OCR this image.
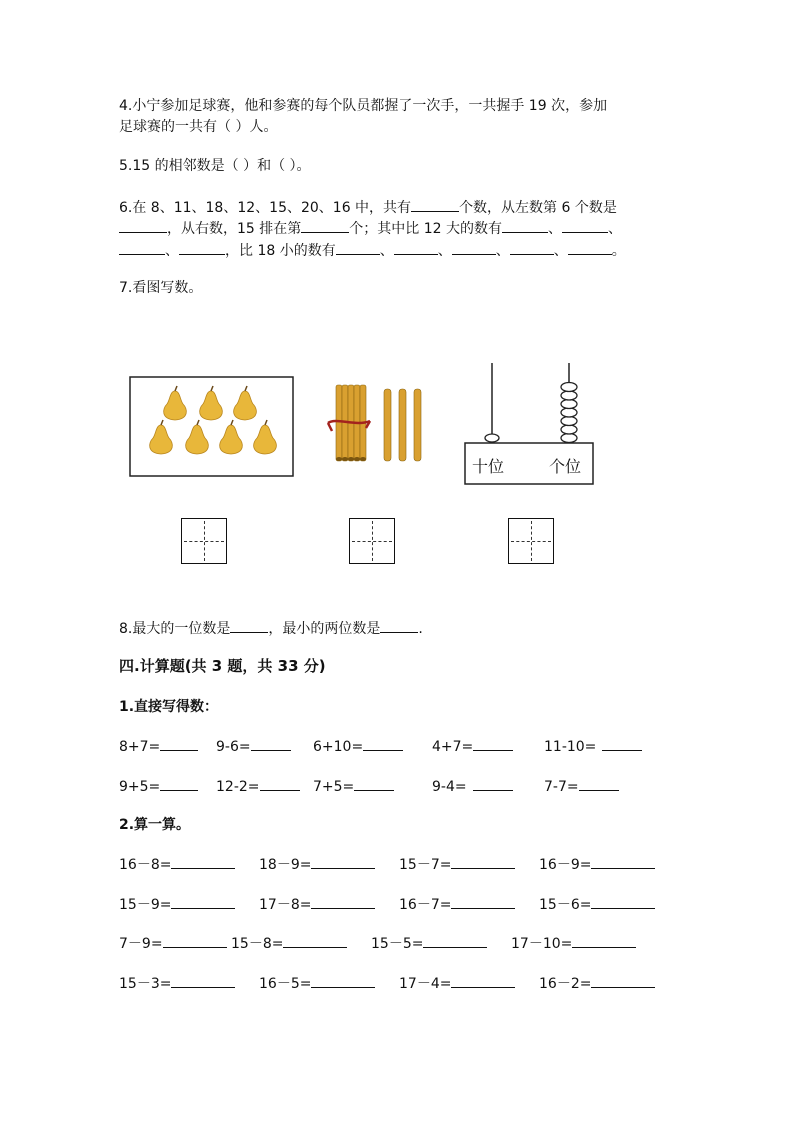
4.小宁参加足球赛，他和参赛的每个队员都握了一次手，一共握手 19 次，参加
足球赛的一共有（ ）人。
5.15 的相邻数是（ ）和（ ）。
6.在 8、11、18、12、15、20、16 中，共有	个数，从左数第 6 个数是
，从右数，15 排在第	个；其中比 12 大的数有	、	、
、	，比 18 小的数有	、	、	、	、	。
7.看图写数。
十位	个位
8.最大的一位数是	，最小的两位数是	.
四.计算题(共 3 题，共 33 分)
1.直接写得数：
8+7=	9-6=	6+10=	4+7=	11-10=
9+5=	12-2=	7+5=	9-4=	7-7=
2.算一算。
16－8=	18－9=	15－7=	16－9=
15－9=	17－8=	16－7=	15－6=
7－9=	15－8=	15－5=	17－10=
15－3=	16－5=	17－4=	16－2=
